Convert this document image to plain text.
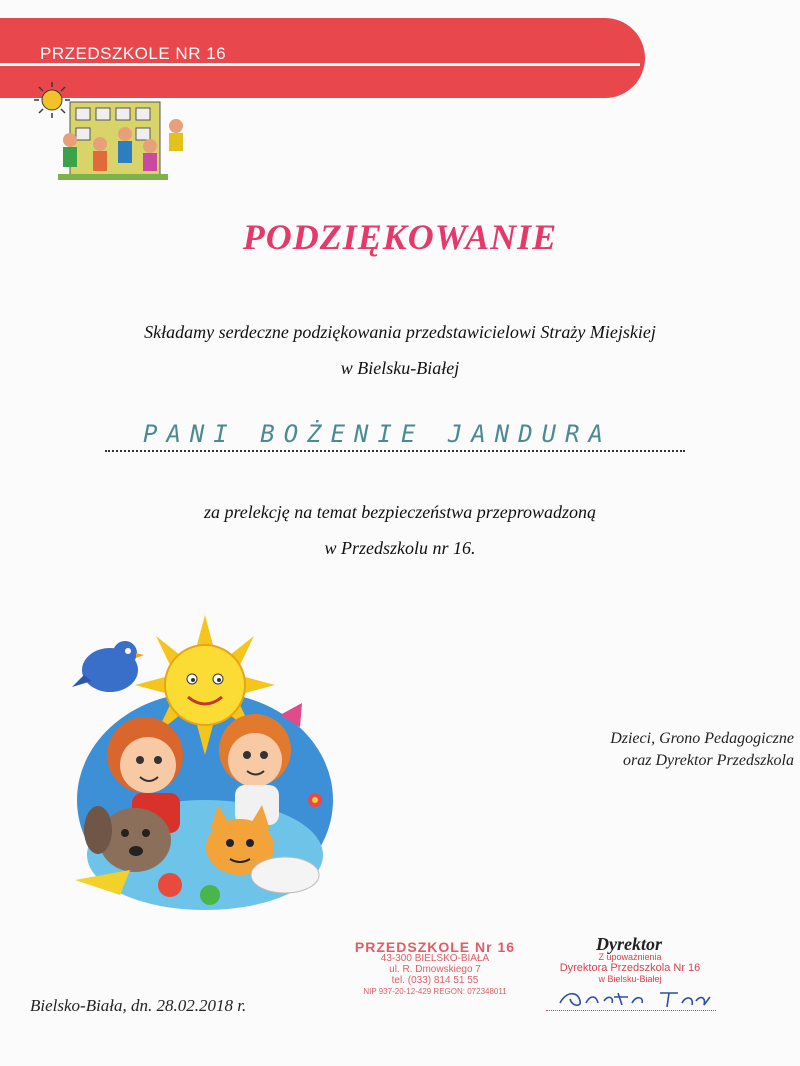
PRZEDSZKOLE NR 16
PODZIĘKOWANIE
Składamy serdeczne podziękowania przedstawicielowi Straży Miejskiej
w Bielsku-Białej
PANI BOŻENIE JANDURA
za prelekcję na temat bezpieczeństwa przeprowadzoną
w Przedszkolu nr 16.
Dzieci, Grono Pedagogiczne
oraz Dyrektor Przedszkola
PRZEDSZKOLE Nr 16
43-300 BIELSKO-BIAŁA
ul. R. Dmowskiego 7
tel. (033) 814 51 55
NIP 937-20-12-429 REGON: 072348011
Dyrektor
Z upoważnienia
Dyrektora Przedszkola Nr 16
w Bielsku-Białej
Bielsko-Biała, dn. 28.02.2018 r.
